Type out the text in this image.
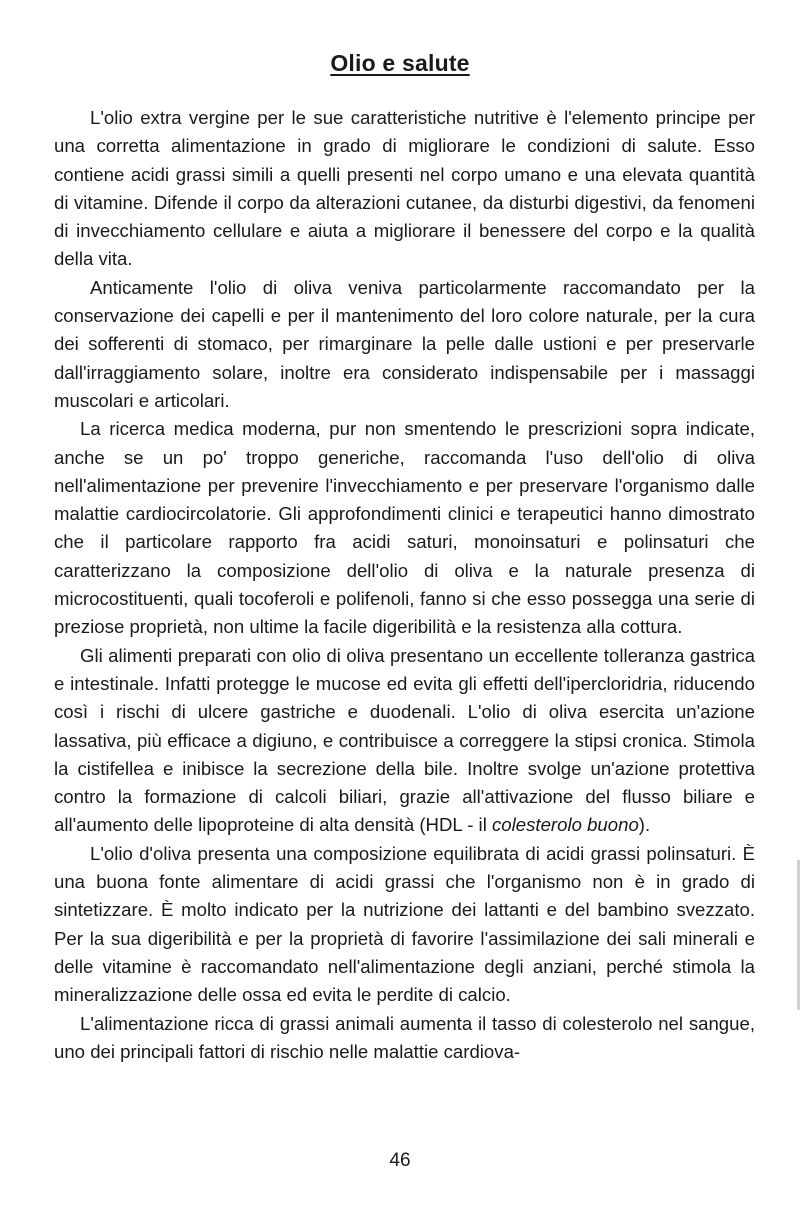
Olio e salute

L'olio extra vergine per le sue caratteristiche nutritive è l'elemento principe per una corretta alimentazione in grado di migliorare le condizioni di salute. Esso contiene acidi grassi simili a quelli presenti nel corpo umano e una elevata quantità di vitamine. Difende il corpo da alterazioni cutanee, da disturbi digestivi, da fenomeni di invecchiamento cellulare e aiuta a migliorare il benessere del corpo e la qualità della vita.

Anticamente l'olio di oliva veniva particolarmente raccomandato per la conservazione dei capelli e per il mantenimento del loro colore naturale, per la cura dei sofferenti di stomaco, per rimarginare la pelle dalle ustioni e per preservarle dall'irraggiamento solare, inoltre era considerato indispensabile per i massaggi muscolari e articolari.

La ricerca medica moderna, pur non smentendo le prescrizioni sopra indicate, anche se un po' troppo generiche, raccomanda l'uso dell'olio di oliva nell'alimentazione per prevenire l'invecchiamento e per preservare l'organismo dalle malattie cardiocircolatorie. Gli approfondimenti clinici e terapeutici hanno dimostrato che il particolare rapporto fra acidi saturi, monoinsaturi e polinsaturi che caratterizzano la composizione dell'olio di oliva e la naturale presenza di microcostituenti, quali tocoferoli e polifenoli, fanno si che esso possegga una serie di preziose proprietà, non ultime la facile digeribilità e la resistenza alla cottura.

Gli alimenti preparati con olio di oliva presentano un eccellente tolleranza gastrica e intestinale. Infatti protegge le mucose ed evita gli effetti dell'ipercloridria, riducendo così i rischi di ulcere gastriche e duodenali. L'olio di oliva esercita un'azione lassativa, più efficace a digiuno, e contribuisce a correggere la stipsi cronica. Stimola la cistifellea e inibisce la secrezione della bile. Inoltre svolge un'azione protettiva contro la formazione di calcoli biliari, grazie all'attivazione del flusso biliare e all'aumento delle lipoproteine di alta densità (HDL - il colesterolo buono).

L'olio d'oliva presenta una composizione equilibrata di acidi grassi polinsaturi. È una buona fonte alimentare di acidi grassi che l'organismo non è in grado di sintetizzare. È molto indicato per la nutrizione dei lattanti e del bambino svezzato. Per la sua digeribilità e per la proprietà di favorire l'assimilazione dei sali minerali e delle vitamine è raccomandato nell'alimentazione degli anziani, perché stimola la mineralizzazione delle ossa ed evita le perdite di calcio.

L'alimentazione ricca di grassi animali aumenta il tasso di colesterolo nel sangue, uno dei principali fattori di rischio nelle malattie cardiova-

46
